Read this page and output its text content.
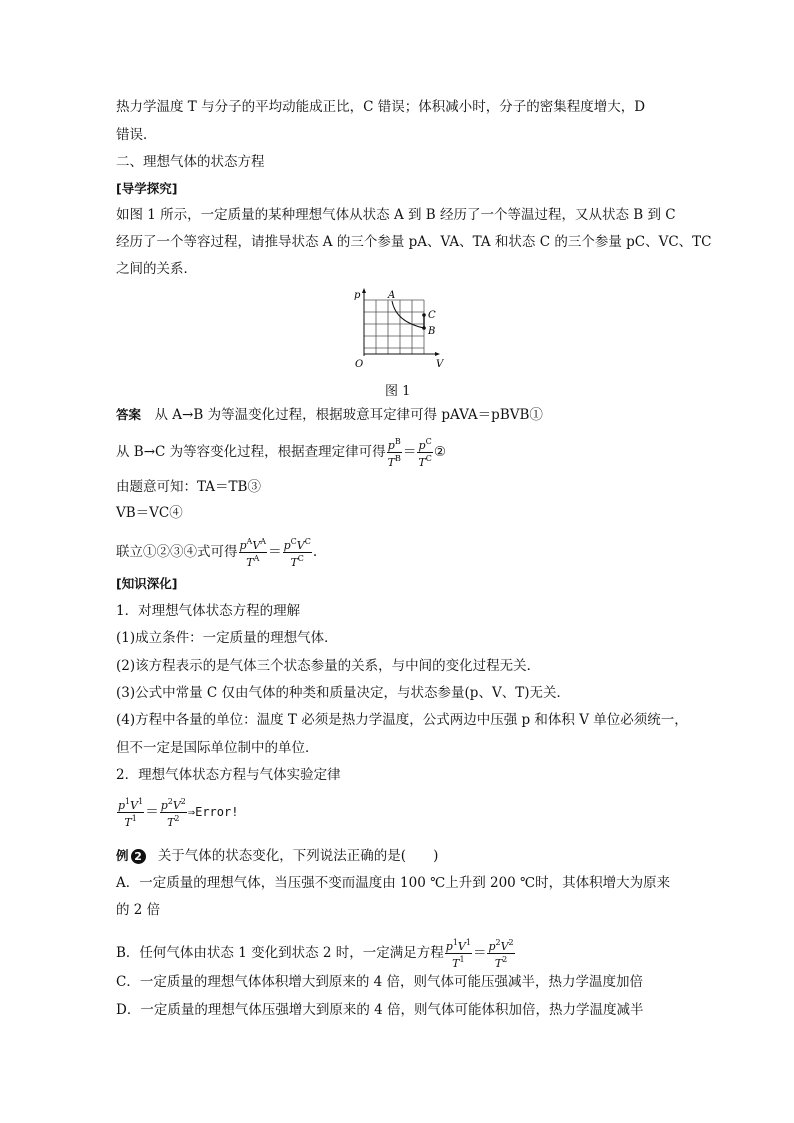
热力学温度 T 与分子的平均动能成正比，C 错误；体积减小时，分子的密集程度增大，D
错误．
二、理想气体的状态方程
[导学探究]
如图 1 所示，一定质量的某种理想气体从状态 A 到 B 经历了一个等温过程，又从状态 B 到 C
经历了一个等容过程，请推导状态 A 的三个参量 pA、VA、TA 和状态 C 的三个参量 pC、VC、TC
之间的关系．
p
V
O
A
C
B
图 1
答案　 从 A→B 为等温变化过程，根据玻意耳定律可得 pAVA＝pBVB①
从 B→C 为等容变化过程，根据查理定律可得 $\frac{p^B}{T^B} = \frac{p^C}{T^C}$ ②
由题意可知：TA＝TB③
VB＝VC④
联立①②③④式可得 $\frac{p^AV^A}{T^A} = \frac{p^CV^C}{T^C}$ .
[知识深化]
1．对理想气体状态方程的理解
(1)成立条件：一定质量的理想气体．
(2)该方程表示的是气体三个状态参量的关系，与中间的变化过程无关．
(3)公式中常量 C 仅由气体的种类和质量决定，与状态参量(p、V、T)无关．
(4)方程中各量的单位：温度 T 必须是热力学温度，公式两边中压强 p 和体积 V 单位必须统一，
但不一定是国际单位制中的单位．
2．理想气体状态方程与气体实验定律
$\frac{p^1V^1}{T^1} = \frac{p^2V^2}{T^2}$ ⇒Error!
例 2 关于气体的状态变化，下列说法正确的是(　　)
A．一定质量的理想气体，当压强不变而温度由 100 ℃上升到 200 ℃时，其体积增大为原来
的 2 倍
B．任何气体由状态 1 变化到状态 2 时，一定满足方程 $\frac{p^1V^1}{T^1} = \frac{p^2V^2}{T^2}$
C．一定质量的理想气体体积增大到原来的 4 倍，则气体可能压强减半，热力学温度加倍
D．一定质量的理想气体压强增大到原来的 4 倍，则气体可能体积加倍，热力学温度减半
